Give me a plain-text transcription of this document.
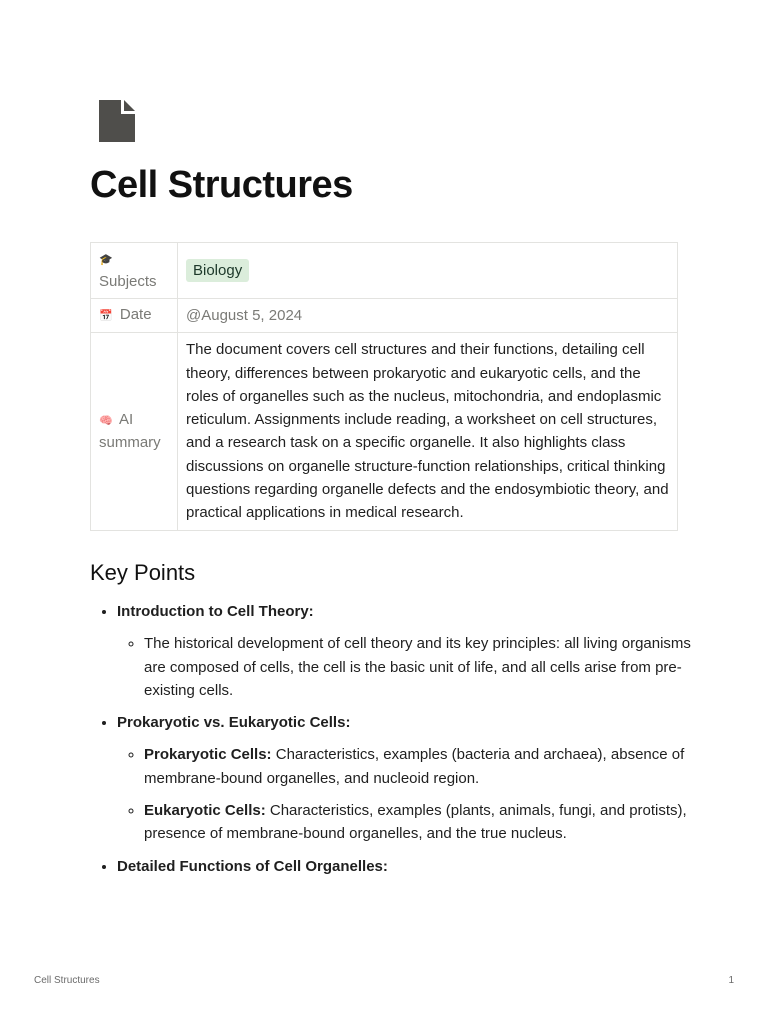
Cell Structures
🎓
Subjects	Biology
📅 Date	@August 5, 2024
🧠 AI summary	The document covers cell structures and their functions, detailing cell theory, differences between prokaryotic and eukaryotic cells, and the roles of organelles such as the nucleus, mitochondria, and endoplasmic reticulum. Assignments include reading, a worksheet on cell structures, and a research task on a specific organelle. It also highlights class discussions on organelle structure-function relationships, critical thinking questions regarding organelle defects and the endosymbiotic theory, and practical applications in medical research.
Key Points
• Introduction to Cell Theory:
◦ The historical development of cell theory and its key principles: all living organisms are composed of cells, the cell is the basic unit of life, and all cells arise from pre-existing cells.
• Prokaryotic vs. Eukaryotic Cells:
◦ Prokaryotic Cells: Characteristics, examples (bacteria and archaea), absence of membrane-bound organelles, and nucleoid region.
◦ Eukaryotic Cells: Characteristics, examples (plants, animals, fungi, and protists), presence of membrane-bound organelles, and the true nucleus.
• Detailed Functions of Cell Organelles:
Cell Structures	1
